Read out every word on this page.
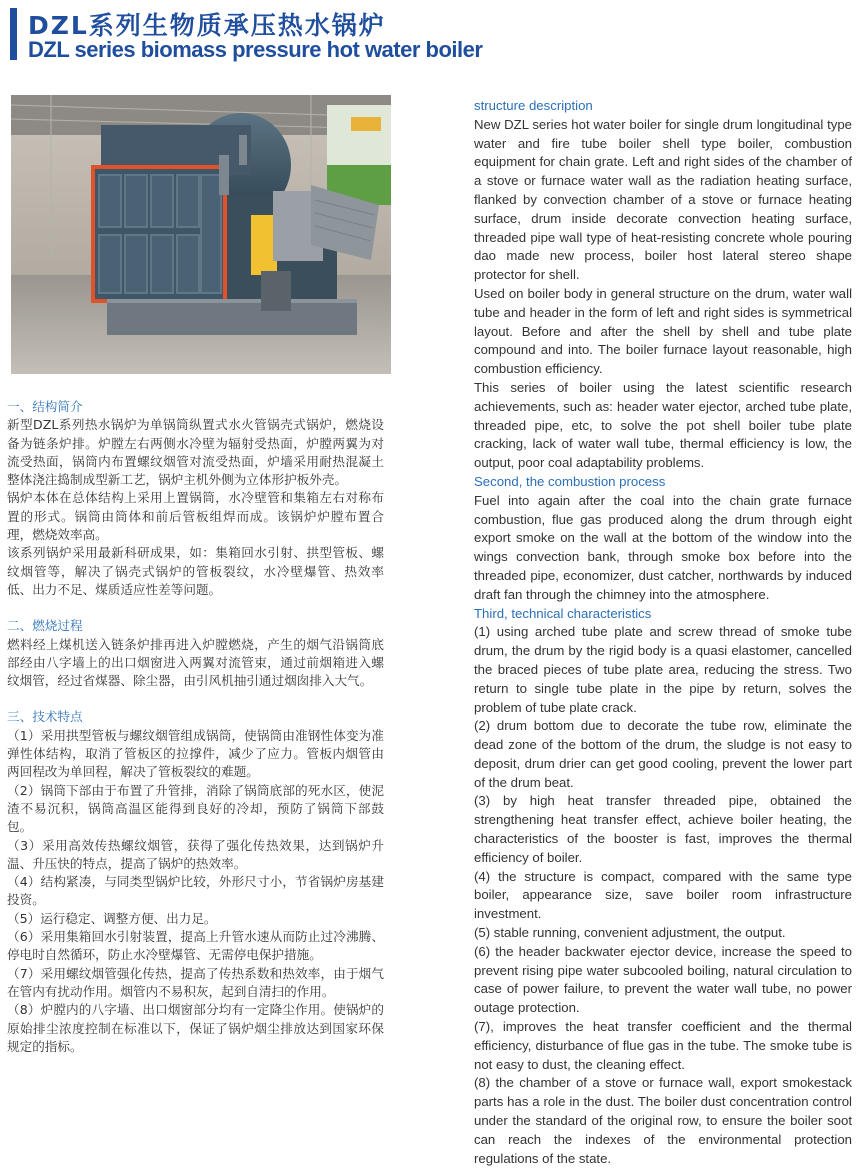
DZL系列生物质承压热水锅炉
DZL series biomass pressure hot water boiler
一、结构简介

新型DZL系列热水锅炉为单锅筒纵置式水火管锅壳式锅炉，燃烧设备为链条炉排。炉膛左右两侧水冷壁为辐射受热面，炉膛两翼为对流受热面，锅筒内布置螺纹烟管对流受热面，炉墙采用耐热混凝土整体浇注捣制成型新工艺，锅炉主机外侧为立体形护板外壳。

锅炉本体在总体结构上采用上置锅筒，水冷壁管和集箱左右对称布置的形式。锅筒由筒体和前后管板组焊而成。该锅炉炉膛布置合理，燃烧效率高。

该系列锅炉采用最新科研成果，如：集箱回水引射、拱型管板、螺纹烟管等，解决了锅壳式锅炉的管板裂纹，水冷壁爆管、热效率低、出力不足、煤质适应性差等问题。

二、燃烧过程

燃料经上煤机送入链条炉排再进入炉膛燃烧，产生的烟气沿锅筒底部经由八字墙上的出口烟窗进入两翼对流管束，通过前烟箱进入螺纹烟管，经过省煤器、除尘器，由引风机抽引通过烟囱排入大气。

三、技术特点

（1）采用拱型管板与螺纹烟管组成锅筒，使锅筒由准钢性体变为准弹性体结构，取消了管板区的拉撑件，减少了应力。管板内烟管由两回程改为单回程，解决了管板裂纹的难题。

（2）锅筒下部由于布置了升管排，消除了锅筒底部的死水区，使泥渣不易沉积，锅筒高温区能得到良好的冷却，预防了锅筒下部鼓包。

（3）采用高效传热螺纹烟管，获得了强化传热效果，达到锅炉升温、升压快的特点，提高了锅炉的热效率。

（4）结构紧凑，与同类型锅炉比较，外形尺寸小，节省锅炉房基建投资。

（5）运行稳定、调整方便、出力足。

（6）采用集箱回水引射装置，提高上升管水速从而防止过冷沸腾、停电时自然循环，防止水冷壁爆管、无需停电保护措施。

（7）采用螺纹烟管强化传热，提高了传热系数和热效率，由于烟气在管内有扰动作用。烟管内不易积灰，起到自清扫的作用。

（8）炉膛内的八字墙、出口烟窗部分均有一定降尘作用。使锅炉的原始排尘浓度控制在标准以下，保证了锅炉烟尘排放达到国家环保规定的指标。

structure description

New DZL series hot water boiler for single drum longitudinal type water and fire tube boiler shell type boiler, combustion equipment for chain grate. Left and right sides of the chamber of a stove or furnace water wall as the radiation heating surface, flanked by convection chamber of a stove or furnace heating surface, drum inside decorate convection heating surface, threaded pipe wall type of heat-resisting concrete whole pouring dao made new process, boiler host lateral stereo shape protector for shell.

Used on boiler body in general structure on the drum, water wall tube and header in the form of left and right sides is symmetrical layout. Before and after the shell by shell and tube plate compound and into. The boiler furnace layout reasonable, high combustion efficiency.

This series of boiler using the latest scientific research achievements, such as: header water ejector, arched tube plate, threaded pipe, etc, to solve the pot shell boiler tube plate cracking, lack of water wall tube, thermal efficiency is low, the output, poor coal adaptability problems.

Second, the combustion process

Fuel into again after the coal into the chain grate furnace combustion, flue gas produced along the drum through eight export smoke on the wall at the bottom of the window into the wings convection bank, through smoke box before into the threaded pipe, economizer, dust catcher, northwards by induced draft fan through the chimney into the atmosphere.

Third, technical characteristics

(1) using arched tube plate and screw thread of smoke tube drum, the drum by the rigid body is a quasi elastomer, cancelled the braced pieces of tube plate area, reducing the stress. Two return to single tube plate in the pipe by return, solves the problem of tube plate crack.

(2) drum bottom due to decorate the tube row, eliminate the dead zone of the bottom of the drum, the sludge is not easy to deposit, drum drier can get good cooling, prevent the lower part of the drum beat.

(3) by high heat transfer threaded pipe, obtained the strengthening heat transfer effect, achieve boiler heating, the characteristics of the booster is fast, improves the thermal efficiency of boiler.

(4) the structure is compact, compared with the same type boiler, appearance size, save boiler room infrastructure investment.

(5) stable running, convenient adjustment, the output.

(6) the header backwater ejector device, increase the speed to prevent rising pipe water subcooled boiling, natural circulation to case of power failure, to prevent the water wall tube, no power outage protection.

(7), improves the heat transfer coefficient and the thermal efficiency, disturbance of flue gas in the tube. The smoke tube is not easy to dust, the cleaning effect.

(8) the chamber of a stove or furnace wall, export smokestack parts has a role in the dust. The boiler dust concentration control under the standard of the original row, to ensure the boiler soot can reach the indexes of the environmental protection regulations of the state.
